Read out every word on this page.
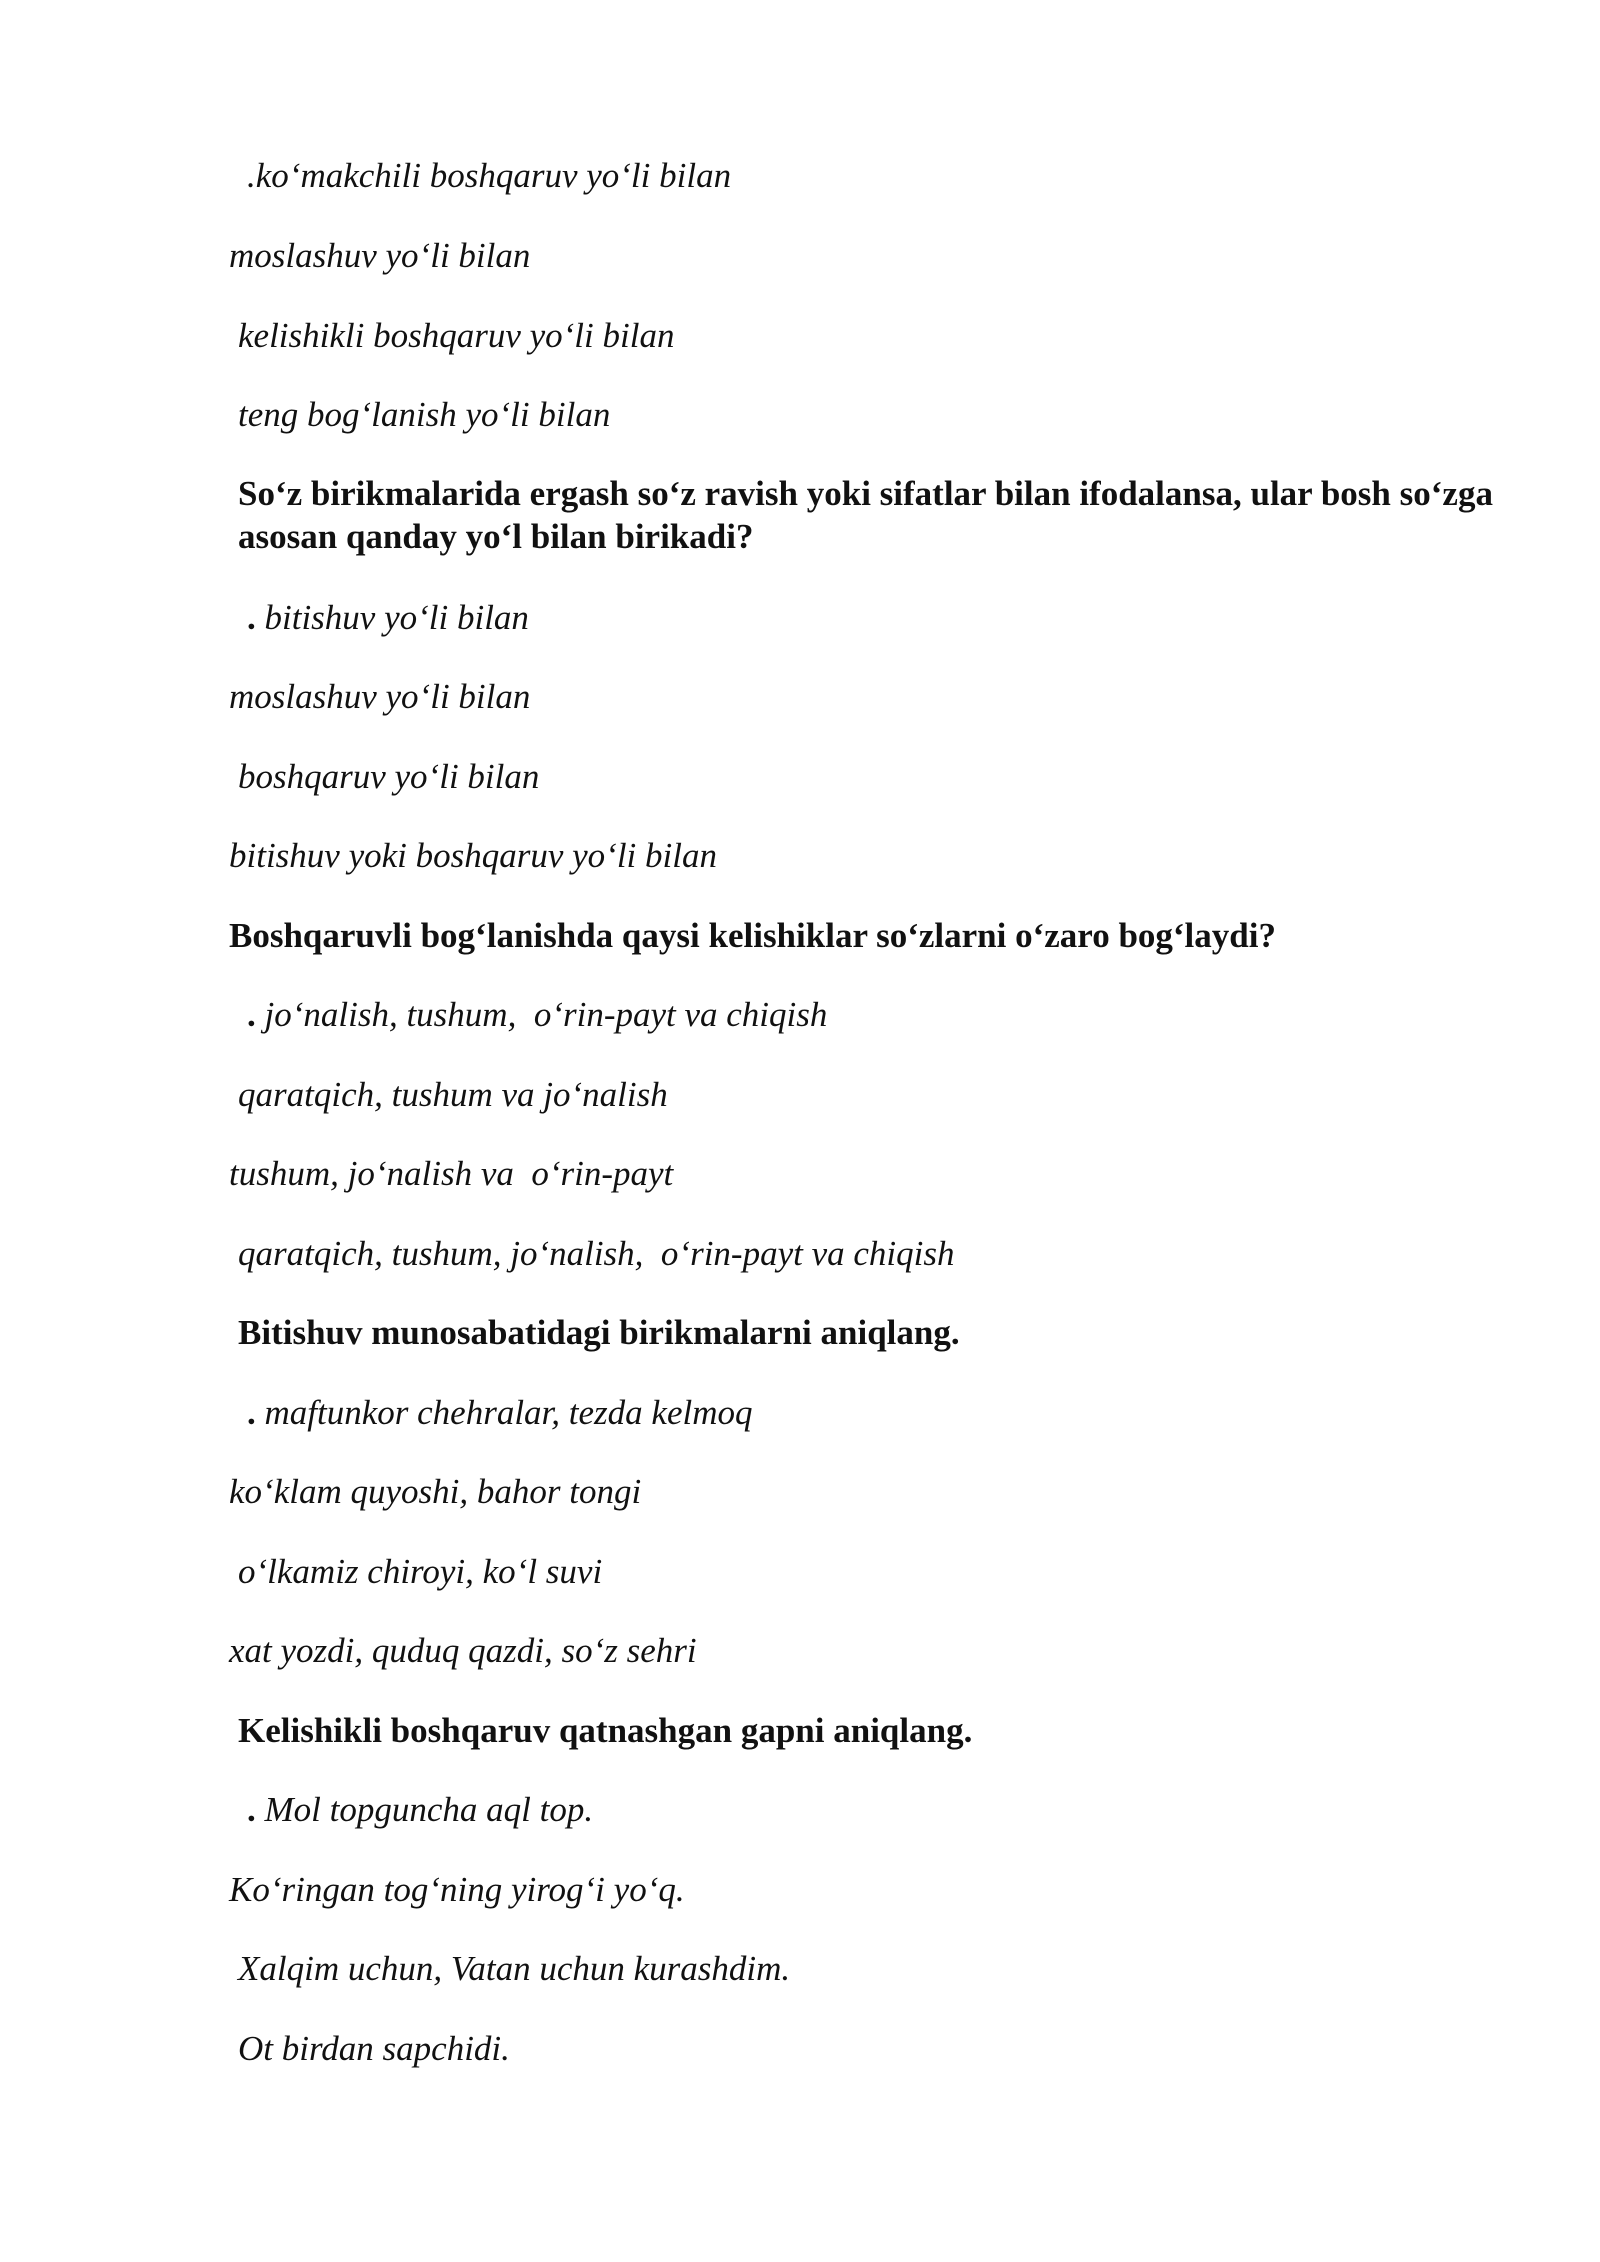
.ko‘makchili boshqaruv yo‘li bilan
moslashuv yo‘li bilan
kelishikli boshqaruv yo‘li bilan
teng bog‘lanish yo‘li bilan
So‘z birikmalarida ergash so‘z ravish yoki sifatlar bilan ifodalansa, ular bosh so‘zga asosan qanday yo‘l bilan birikadi?
. bitishuv yo‘li bilan
moslashuv yo‘li bilan
boshqaruv yo‘li bilan
bitishuv yoki boshqaruv yo‘li bilan
Boshqaruvli bog‘lanishda qaysi kelishiklar so‘zlarni o‘zaro bog‘laydi?
. jo‘nalish, tushum,  o‘rin-payt va chiqish
qaratqich, tushum va jo‘nalish
tushum, jo‘nalish va  o‘rin-payt
qaratqich, tushum, jo‘nalish,  o‘rin-payt va chiqish
Bitishuv munosabatidagi birikmalarni aniqlang.
. maftunkor chehralar, tezda kelmoq
ko‘klam quyoshi, bahor tongi
o‘lkamiz chiroyi, ko‘l suvi
xat yozdi, quduq qazdi, so‘z sehri
Kelishikli boshqaruv qatnashgan gapni aniqlang.
. Mol topguncha aql top.
Ko‘ringan tog‘ning yirog‘i yo‘q.
Xalqim uchun, Vatan uchun kurashdim.
Ot birdan sapchidi.
